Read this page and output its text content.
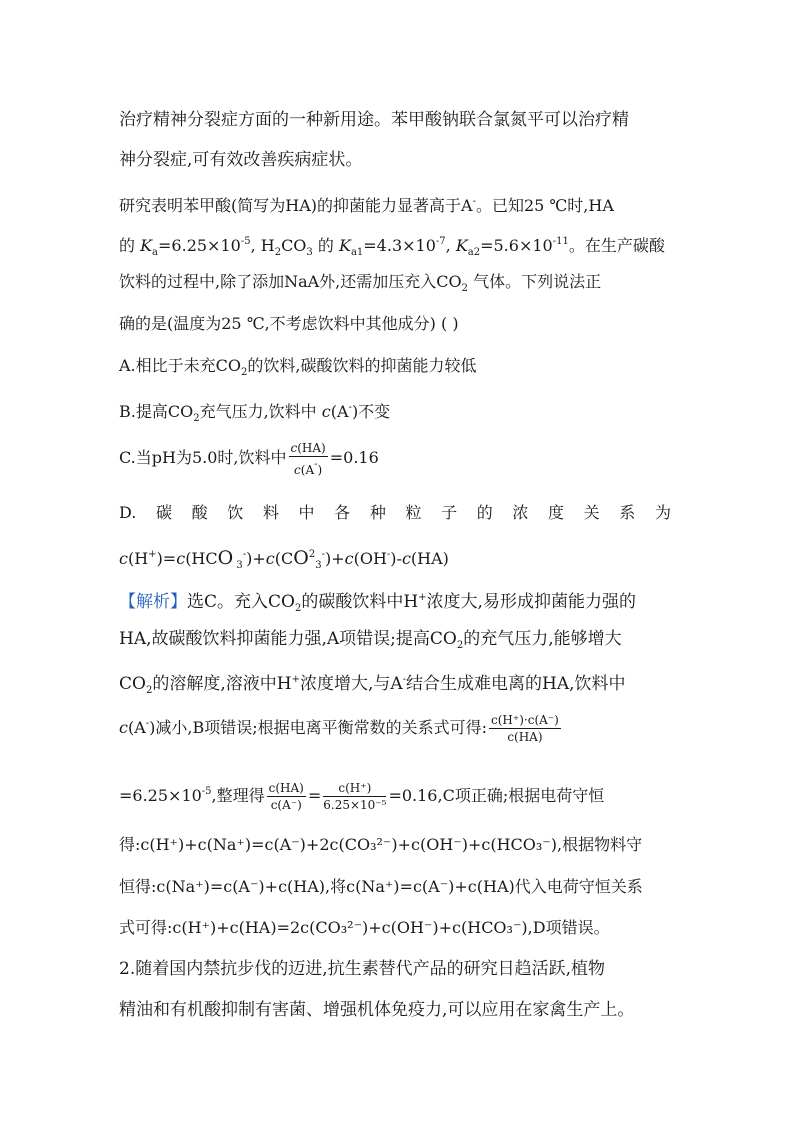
治疗精神分裂症方面的一种新用途。苯甲酸钠联合氯氮平可以治疗精
神分裂症,可有效改善疾病症状。
研究表明苯甲酸(简写为HA)的抑菌能力显著高于A-。已知25 ℃时,HA
的 $K_a=6.25\times 10^{-5}$, $H_2CO_3$ 的 $K_{a1}=4.3\times 10^{-7}$, $K_{a2}=5.6\times 10^{-11}$。在生产碳酸
饮料的过程中,除了添加NaA外,还需加压充入$CO_2$ 气体。下列说法正
确的是(温度为25 ℃,不考虑饮料中其他成分) ( )
A.相比于未充$CO_2$的饮料,碳酸饮料的抑菌能力较低
B.提高$CO_2$充气压力,饮料中 c(A-)不变
C.当pH为5.0时,饮料中 $\frac{c(HA)}{c(A^-)} =0.16$
D. 碳 酸 饮 料 中 各 种 粒 子 的 浓 度 关 系 为
c(H+)=c(HCO $_3^-)+c(CO^2_3^-)+c(OH^-)-c(HA)$
【解析】选C。充入$CO_2$的碳酸饮料中H+浓度大,易形成抑菌能力强的
HA,故碳酸饮料抑菌能力强,A项错误;提高$CO_2$的充气压力,能够增大
$CO_2$的溶解度,溶液中H+浓度增大,与A-结合生成难电离的HA,饮料中
c(A-)减小,B项错误;根据电离平衡常数的关系式可得: $\frac{c(H^+)\cdot c(A^-)}{c(HA)}$
$=6.25\times 10^{-5}$,整理得 $\frac{c(HA)}{c(A^-)} = \frac{c(H^+)}{\text{6.25×10⁻⁵}} =0.16,C$项正确;根据电荷守恒
得:c(H⁺)+c(Na⁺)=c(A⁻)+2c(CO₃²⁻)+c(OH⁻)+c(HCO₃⁻),根据物料守
恒得:c(Na⁺)=c(A⁻)+c(HA),将c(Na⁺)=c(A⁻)+c(HA)代入电荷守恒关系
式可得:c(H⁺)+c(HA)=2c(CO₃²⁻)+c(OH⁻)+c(HCO₃⁻),D项错误。
2.随着国内禁抗步伐的迈进,抗生素替代产品的研究日趋活跃,植物
精油和有机酸抑制有害菌、增强机体免疫力,可以应用在家禽生产上。
